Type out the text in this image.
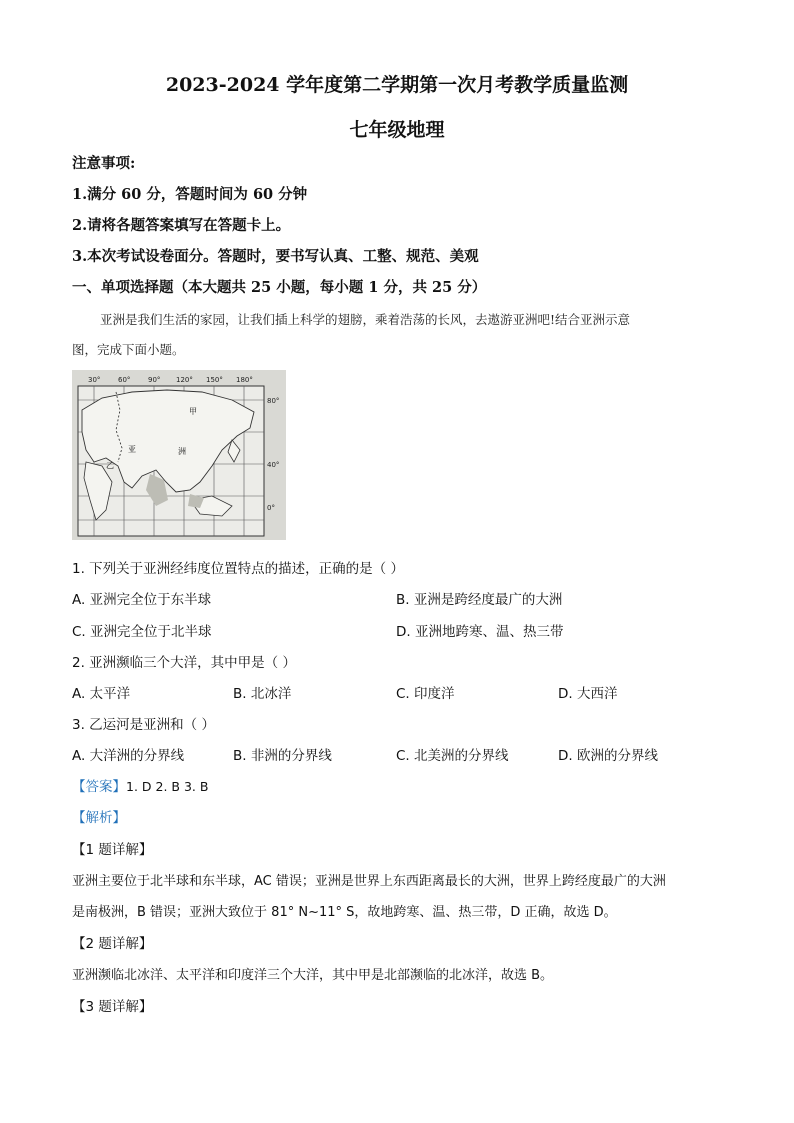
2023-2024 学年度第二学期第一次月考教学质量监测
七年级地理
注意事项:
1.满分 60 分，答题时间为 60 分钟
2.请将各题答案填写在答题卡上。
3.本次考试设卷面分。答题时，要书写认真、工整、规范、美观
一、单项选择题（本大题共 25 小题，每小题 1 分，共 25 分）
亚洲是我们生活的家园，让我们插上科学的翅膀，乘着浩荡的长风，去遨游亚洲吧!结合亚洲示意
图，完成下面小题。
30°	60°	90° 120° 150° 180°
80°
40°
0°
甲
亚	洲
乙
1. 下列关于亚洲经纬度位置特点的描述，正确的是（ ）
A. 亚洲完全位于东半球	B. 亚洲是跨经度最广的大洲
C. 亚洲完全位于北半球	D. 亚洲地跨寒、温、热三带
2. 亚洲濒临三个大洋，其中甲是（ ）
A. 太平洋	B. 北冰洋	C. 印度洋	D. 大西洋
3. 乙运河是亚洲和（ ）
A. 大洋洲的分界线	B. 非洲的分界线	C. 北美洲的分界线	D. 欧洲的分界线
【答案】1. D 2. B 3. B
【解析】
【1 题详解】
亚洲主要位于北半球和东半球，AC 错误；亚洲是世界上东西距离最长的大洲，世界上跨经度最广的大洲
是南极洲，B 错误；亚洲大致位于 81° N~11° S，故地跨寒、温、热三带，D 正确，故选 D。
【2 题详解】
亚洲濒临北冰洋、太平洋和印度洋三个大洋，其中甲是北部濒临的北冰洋，故选 B。
【3 题详解】
